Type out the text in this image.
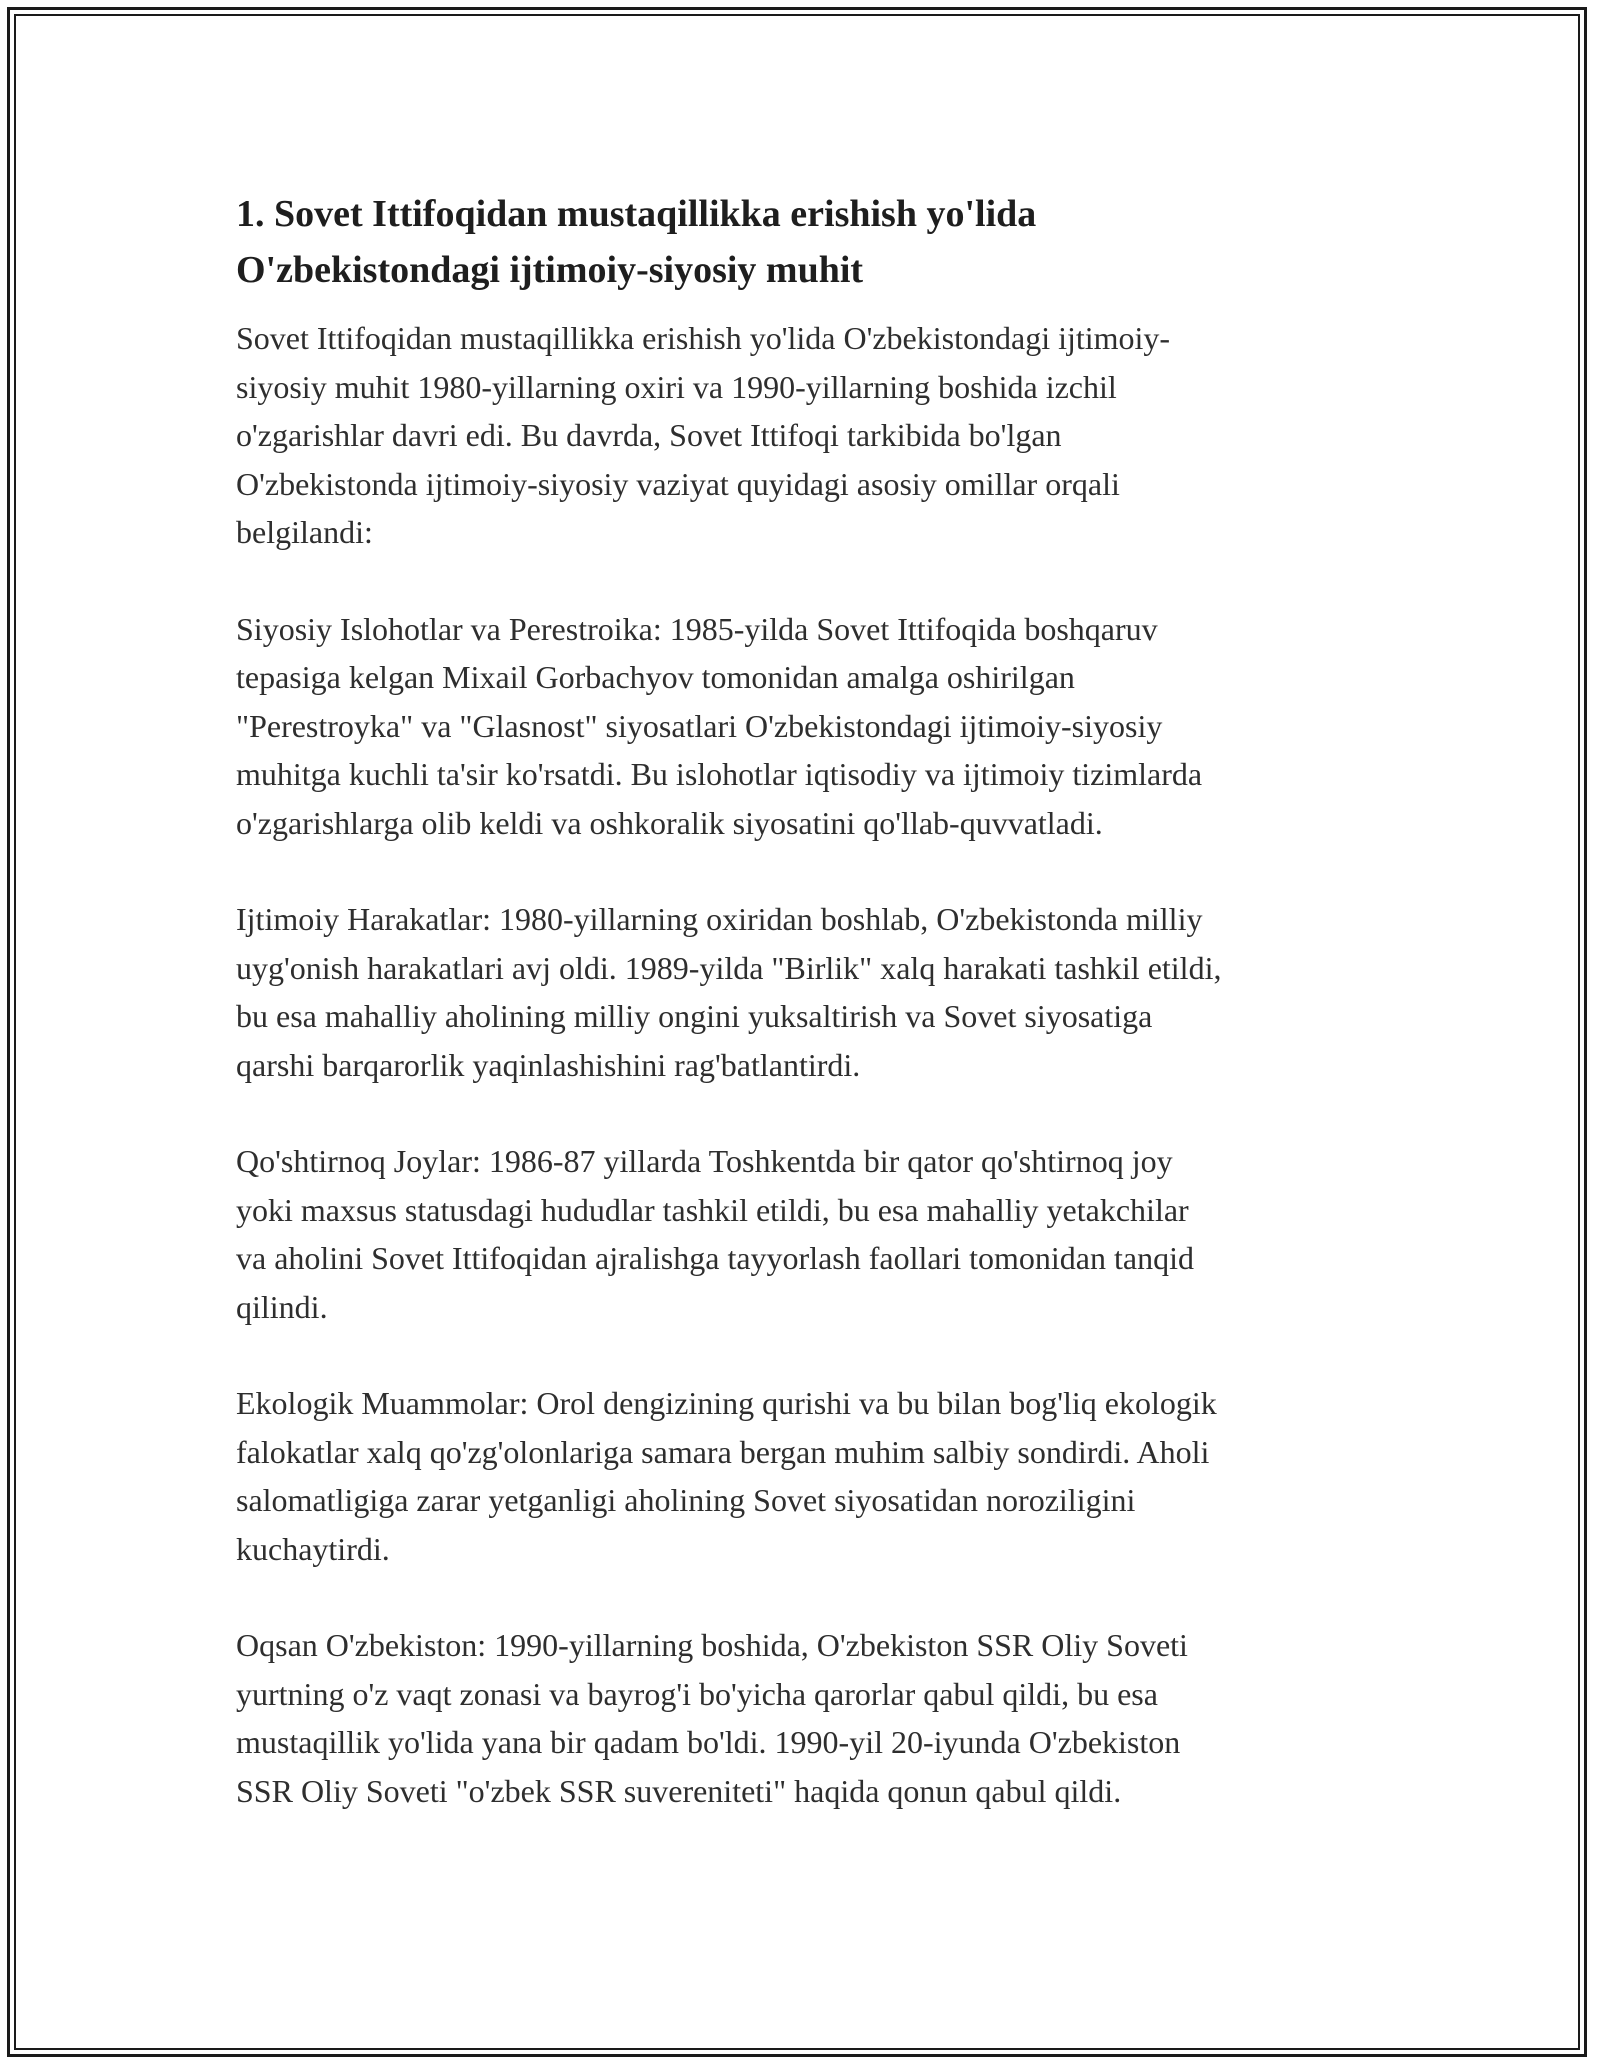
1. Sovet Ittifoqidan mustaqillikka erishish yo'lida
O'zbekistondagi ijtimoiy-siyosiy muhit

Sovet Ittifoqidan mustaqillikka erishish yo'lida O'zbekistondagi ijtimoiy-
siyosiy muhit 1980-yillarning oxiri va 1990-yillarning boshida izchil
o'zgarishlar davri edi. Bu davrda, Sovet Ittifoqi tarkibida bo'lgan
O'zbekistonda ijtimoiy-siyosiy vaziyat quyidagi asosiy omillar orqali
belgilandi:

Siyosiy Islohotlar va Perestroika: 1985-yilda Sovet Ittifoqida boshqaruv
tepasiga kelgan Mixail Gorbachyov tomonidan amalga oshirilgan
"Perestroyka" va "Glasnost" siyosatlari O'zbekistondagi ijtimoiy-siyosiy
muhitga kuchli ta'sir ko'rsatdi. Bu islohotlar iqtisodiy va ijtimoiy tizimlarda
o'zgarishlarga olib keldi va oshkoralik siyosatini qo'llab-quvvatladi.

Ijtimoiy Harakatlar: 1980-yillarning oxiridan boshlab, O'zbekistonda milliy
uyg'onish harakatlari avj oldi. 1989-yilda "Birlik" xalq harakati tashkil etildi,
bu esa mahalliy aholining milliy ongini yuksaltirish va Sovet siyosatiga
qarshi barqarorlik yaqinlashishini rag'batlantirdi.

Qo'shtirnoq Joylar: 1986-87 yillarda Toshkentda bir qator qo'shtirnoq joy
yoki maxsus statusdagi hududlar tashkil etildi, bu esa mahalliy yetakchilar
va aholini Sovet Ittifoqidan ajralishga tayyorlash faollari tomonidan tanqid
qilindi.

Ekologik Muammolar: Orol dengizining qurishi va bu bilan bog'liq ekologik
falokatlar xalq qo'zg'olonlariga samara bergan muhim salbiy sondirdi. Aholi
salomatligiga zarar yetganligi aholining Sovet siyosatidan noroziligini
kuchaytirdi.

Oqsan O'zbekiston: 1990-yillarning boshida, O'zbekiston SSR Oliy Soveti
yurtning o'z vaqt zonasi va bayrog'i bo'yicha qarorlar qabul qildi, bu esa
mustaqillik yo'lida yana bir qadam bo'ldi. 1990-yil 20-iyunda O'zbekiston
SSR Oliy Soveti "o'zbek SSR suvereniteti" haqida qonun qabul qildi.
